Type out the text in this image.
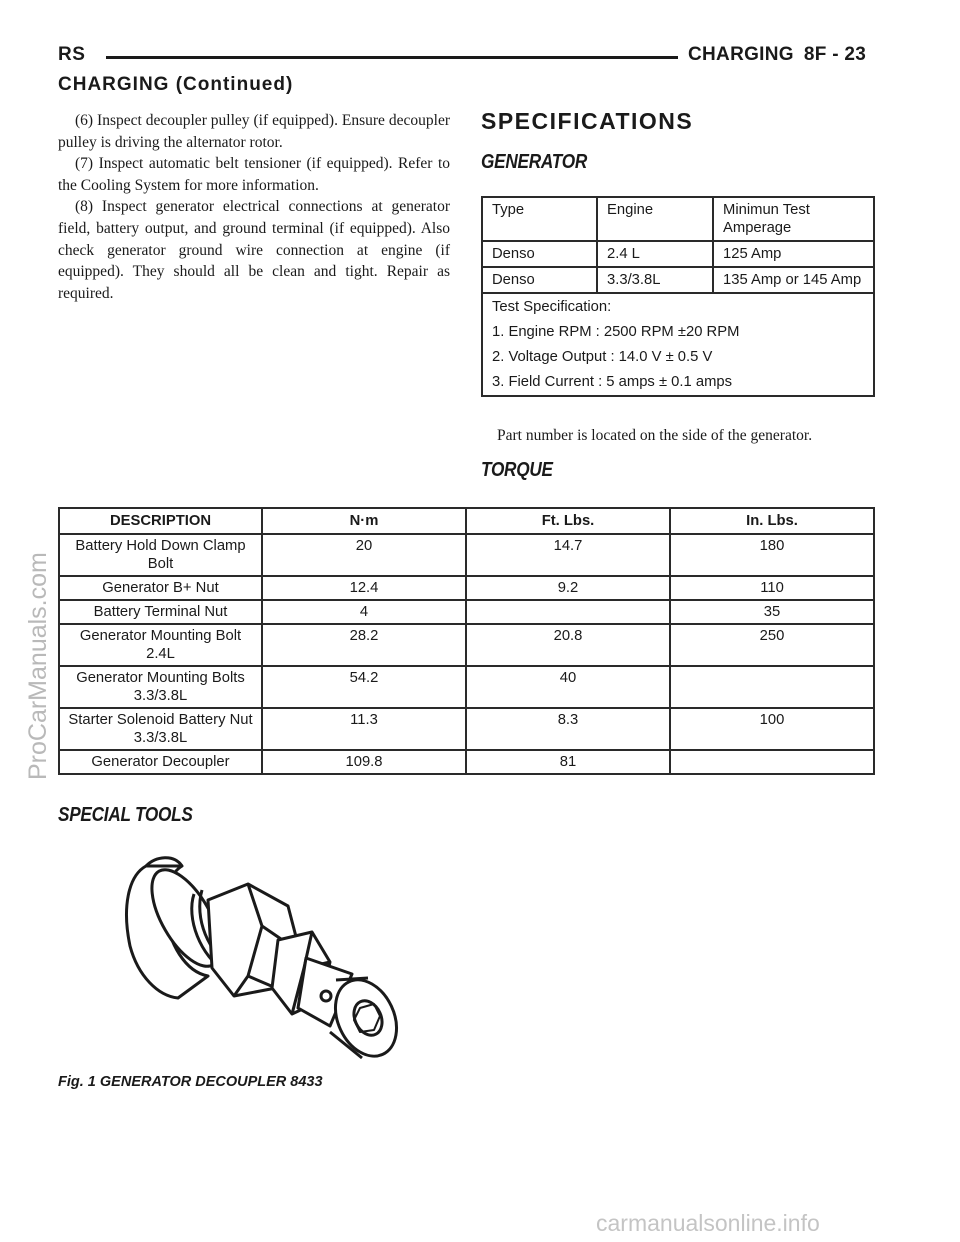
RS	CHARGING 8F - 23
CHARGING (Continued)

(6) Inspect decoupler pulley (if equipped). Ensure decoupler pulley is driving the alternator rotor.

(7) Inspect automatic belt tensioner (if equipped). Refer to the Cooling System for more information.

(8) Inspect generator electrical connections at generator field, battery output, and ground terminal (if equipped). Also check generator ground wire connection at engine (if equipped). They should all be clean and tight. Repair as required.

SPECIFICATIONS
GENERATOR
Type	Engine	Minimun Test Amperage
Denso	2.4 L	125 Amp
Denso	3.3/3.8L	135 Amp or 145 Amp

Test Specification:
1. Engine RPM : 2500 RPM ±20 RPM
2. Voltage Output : 14.0 V ± 0.5 V
3. Field Current : 5 amps ± 0.1 amps		
Part number is located on the side of the generator.
TORQUE
DESCRIPTION	N·m	Ft. Lbs.	In. Lbs.
Battery Hold Down Clamp Bolt	20	14.7	180
Generator B+ Nut	12.4	9.2	110
Battery Terminal Nut	4		35
Generator Mounting Bolt 2.4L	28.2	20.8	250
Generator Mounting Bolts 3.3/3.8L	54.2	40	
Starter Solenoid Battery Nut 3.3/3.8L	11.3	8.3	100
Generator Decoupler	109.8	81	
SPECIAL TOOLS
Fig. 1 GENERATOR DECOUPLER 8433
ProCarManuals.com
carmanualsonline.info
